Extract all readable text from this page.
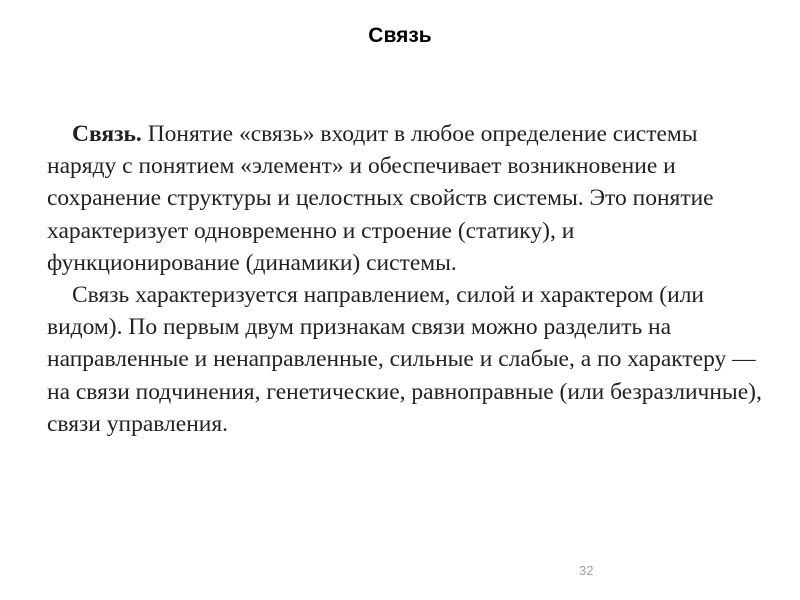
Связь

Связь. Понятие «связь» входит в любое определение системы наряду с понятием «элемент» и обеспечивает возникновение и сохранение структуры и целостных свойств системы. Это понятие характеризует одновременно и строение (статику), и функционирование (динамики) системы.

Связь характеризуется направлением, силой и характером (или видом). По первым двум признакам связи можно разделить на направленные и ненаправленные, сильные и слабые, а по характеру — на связи подчинения, генетические, равноправные (или безразличные), связи управления.

32
